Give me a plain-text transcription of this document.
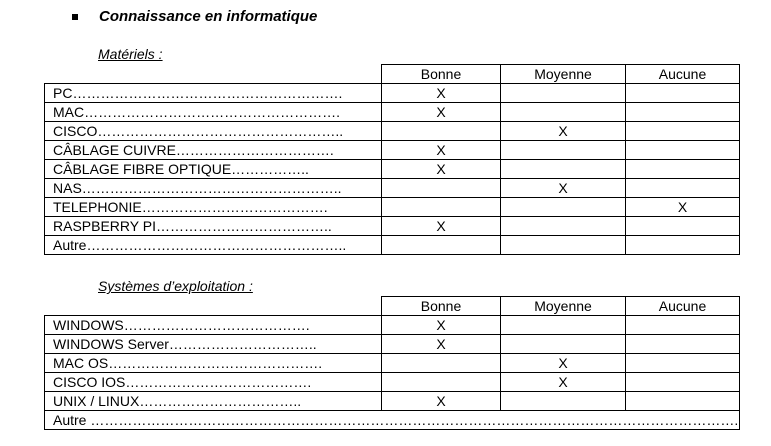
Connaissance en informatique
Matériels :
	Bonne	Moyenne	Aucune
PC………………………………………………….	X		
MAC……………………………………………….	X		
CISCO……………………………………………..		X	
CÂBLAGE CUIVRE…………………………….	X		
CÂBLAGE FIBRE OPTIQUE……………..	X		
NAS………………………………………………..		X	
TELEPHONIE………………………………….			X
RASPBERRY PI………………………………..	X		
Autre………………………………………………..			
Systèmes d’exploitation :
	Bonne	Moyenne	Aucune
WINDOWS………………………………….	X		
WINDOWS Server…………………………..	X		
MAC OS……………………………………….		X	
CISCO IOS………………………………….		X	
UNIX / LINUX……………………………..	X		
Autre ………………………………………………………………………………………………………………………….			
